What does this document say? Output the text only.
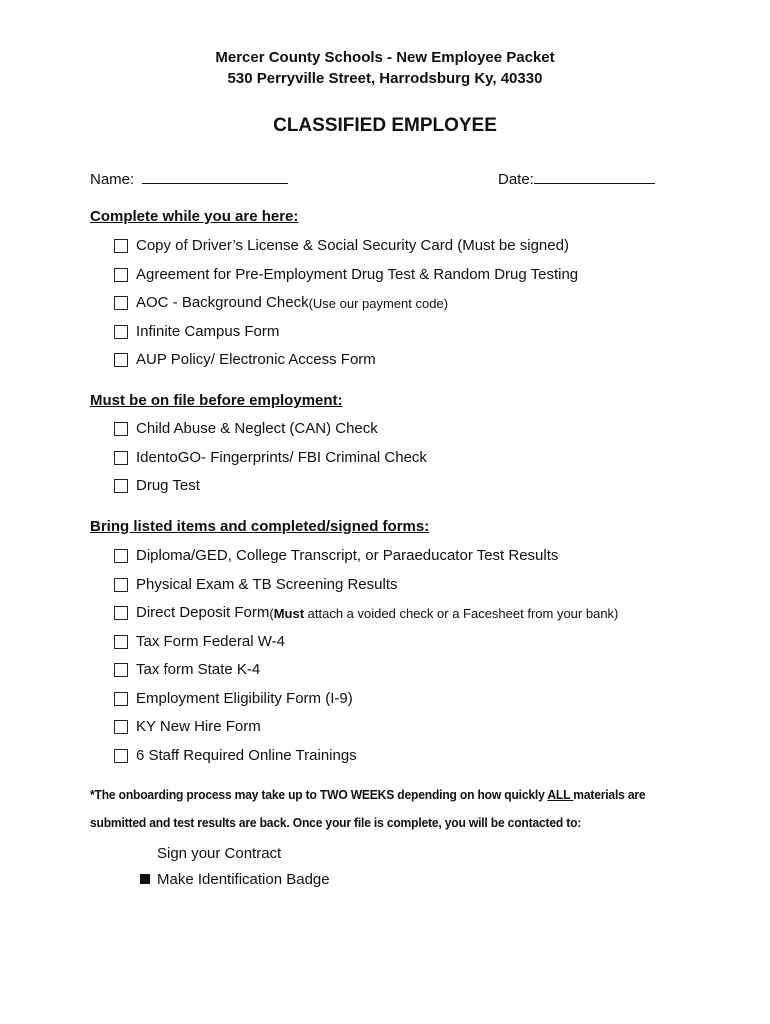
Mercer County Schools - New Employee Packet
530 Perryville Street, Harrodsburg Ky, 40330
CLASSIFIED EMPLOYEE
Name:	Date:
Complete while you are here:
Copy of Driver’s License & Social Security Card (Must be signed)
Agreement for Pre-Employment Drug Test & Random Drug Testing
AOC - Background Check (Use our payment code)
Infinite Campus Form
AUP Policy/ Electronic Access Form
Must be on file before employment:
Child Abuse & Neglect (CAN) Check
IdentoGO- Fingerprints/ FBI Criminal Check
Drug Test
Bring listed items and completed/signed forms:
Diploma/GED, College Transcript, or Paraeducator Test Results
Physical Exam & TB Screening Results
Direct Deposit Form (Must attach a voided check or a Facesheet from your bank)
Tax Form Federal W-4
Tax form State K-4
Employment Eligibility Form (I-9)
KY New Hire Form
6 Staff Required Online Trainings
*The onboarding process may take up to TWO WEEKS depending on how quickly ALL materials are submitted and test results are back. Once your file is complete, you will be contacted to:
Sign your Contract
Make Identification Badge
